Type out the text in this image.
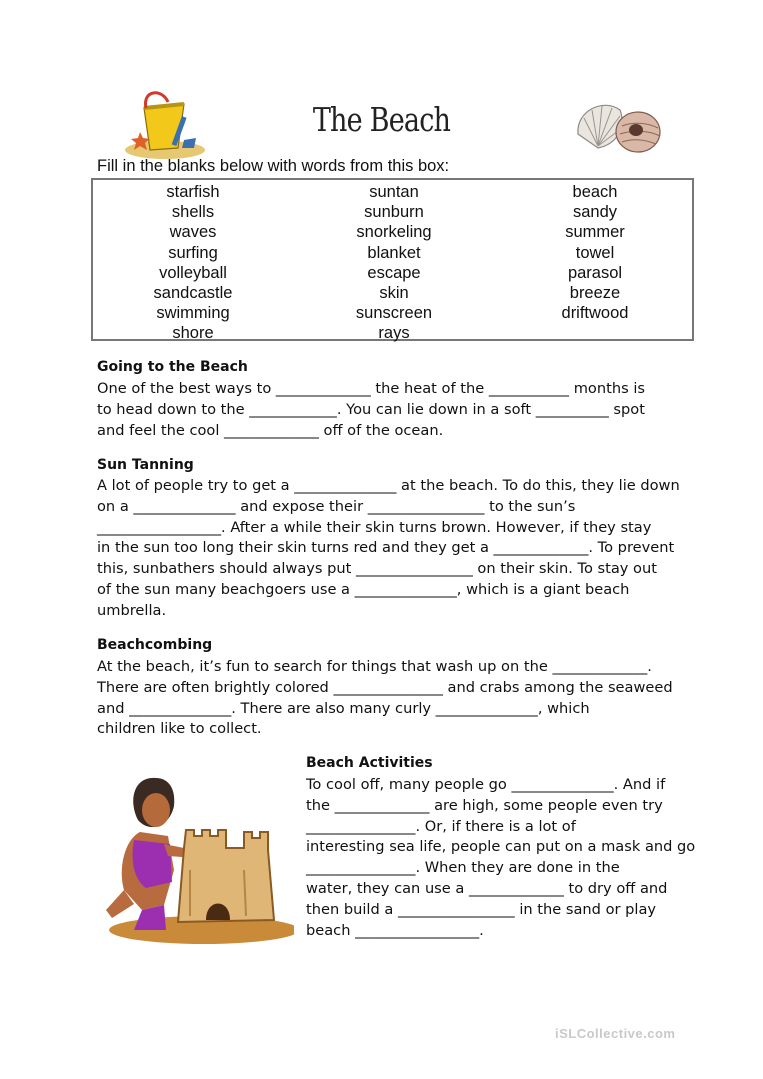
The Beach
Fill in the blanks below with words from this box:
starfish
shells
waves
surfing
volleyball
sandcastle
swimming
shore
suntan
sunburn
snorkeling
blanket
escape
skin
sunscreen
rays
beach
sandy
summer
towel
parasol
breeze
driftwood
Going to the Beach

One of the best ways to _____________ the heat of the ___________ months is

to head down to the ____________. You can lie down in a soft __________ spot

and feel the cool _____________ off of the ocean.

Sun Tanning

A lot of people try to get a ______________ at the beach. To do this, they lie down

on a ______________ and expose their ________________ to the sun’s

_________________. After a while their skin turns brown. However, if they stay

in the sun too long their skin turns red and they get a _____________. To prevent

this, sunbathers should always put ________________ on their skin. To stay out

of the sun many beachgoers use a ______________, which is a giant beach

umbrella.

Beachcombing

At the beach, it’s fun to search for things that wash up on the _____________.

There are often brightly colored _______________ and crabs among the seaweed

and ______________. There are also many curly ______________, which

children like to collect.

Beach Activities

To cool off, many people go ______________. And if

the _____________ are high, some people even try

_______________. Or, if there is a lot of

interesting sea life, people can put on a mask and go

_______________. When they are done in the

water, they can use a _____________ to dry off and

then build a ________________ in the sand or play

beach _________________.

iSLCollective.com
